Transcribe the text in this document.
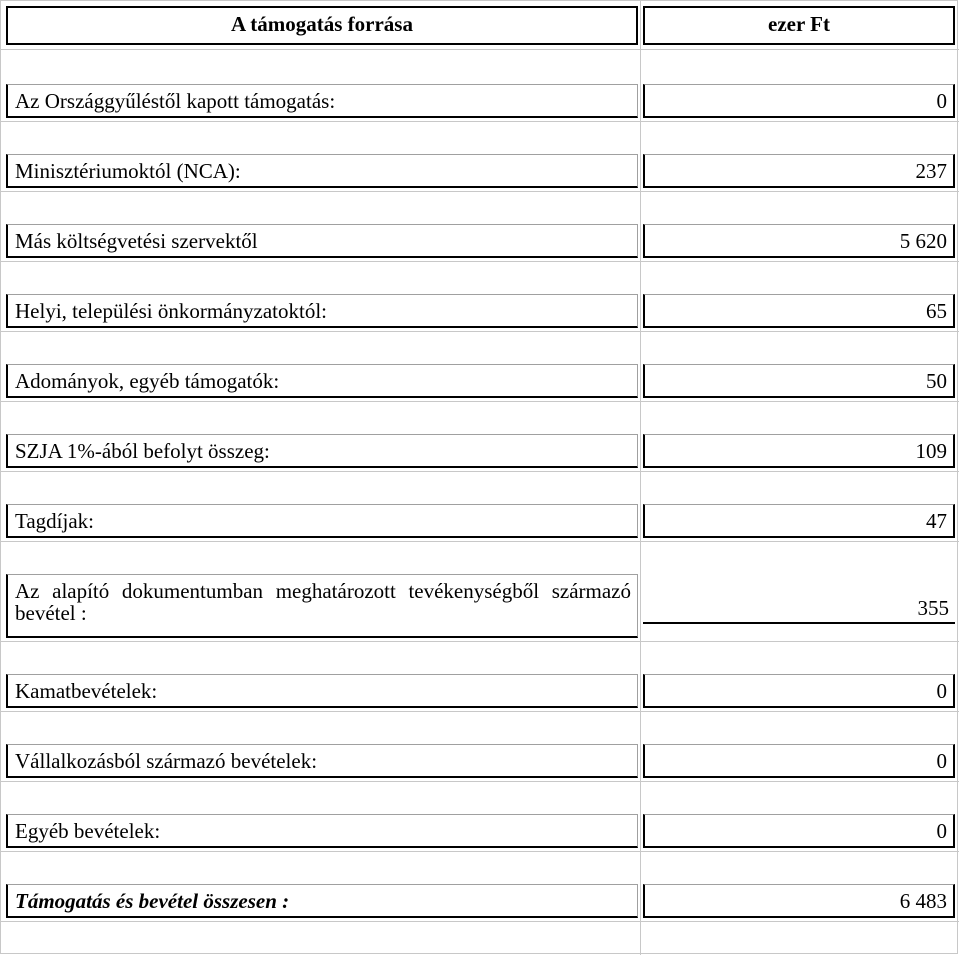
A támogatás forrása	ezer Ft
Az Országgyűléstől kapott támogatás:	0
Minisztériumoktól (NCA):	237
Más költségvetési szervektől	5 620
Helyi, települési önkormányzatoktól:	65
Adományok, egyéb támogatók:	50
SZJA 1%-ából befolyt összeg:	109
Tagdíjak:	47
Az alapító dokumentumban meghatározott tevékenységből származó bevétel :	355
Kamatbevételek:	0
Vállalkozásból származó bevételek:	0
Egyéb bevételek:	0
Támogatás és bevétel összesen :	6 483
